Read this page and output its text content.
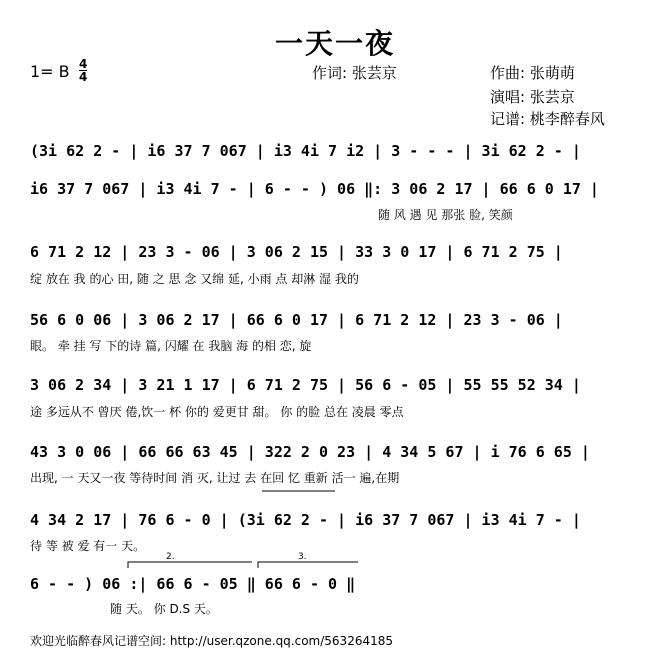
一天一夜
1= B $\frac{4}{4}$	作词: 张芸京	作曲: 张萌萌
演唱: 张芸京
记谱: 桃李醉春风
(3i 62 2 - | i6 37 7 067 | i3 4i 7 i2 | 3 - - - | 3i 62 2 - |
i6 37 7 067 | i3 4i 7 - | 6 - - ) 06 ‖: 3 06 2 17 | 66 6 0 17 |
随 风 遇 见 那张 脸, 笑颜
6 71 2 12 | 23 3 - 06 | 3 06 2 15 | 33 3 0 17 | 6 71 2 75 |
绽 放在 我 的心 田, 随 之 思 念 又绵 延, 小雨 点 却淋 湿 我的
56 6 0 06 | 3 06 2 17 | 66 6 0 17 | 6 71 2 12 | 23 3 - 06 |
眼。 牵 挂 写 下的诗 篇, 闪耀 在 我脑 海 的相 恋, 旋
3 06 2 34 | 3 21 1 17 | 6 71 2 75 | 56 6 - 05 | 55 55 52 34 |
途 多远从不 曾厌 倦,饮一 杯 你的 爱更甘 甜。 你 的脸 总在 凌晨 零点
43 3 0 06 | 66 66 63 45 | 322 2 0 23 | 4 34 5 67 | i 76 6 65 |
出现, 一 天又一夜 等待时间 消 灭, 让过 去 在回 忆 重新 活一 遍,在期
4 34 2 17 | 76 6 - 0 | (3i 62 2 - | i6 37 7 067 | i3 4i 7 - |
待 等 被 爱 有一 天。
6 - - ) 06 :| 66 6 - 05 ‖ 66 6 - 0 ‖
随 天。 你 D.S 天。
2.	3.
欢迎光临醉春风记谱空间: http://user.qzone.qq.com/563264185
